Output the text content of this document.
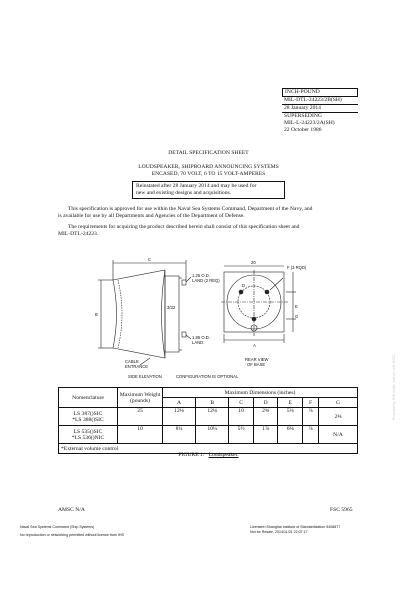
INCH-POUND
MIL-DTL-24223/2B(SH)
28 January 2014
SUPERSEDING
MIL-L-24223/2A(SH)
22 October 1986
DETAIL SPECIFICATION SHEET
LOUDSPEAKER, SHIPBOARD ANNOUNCING SYSTEMS
ENCASED, 70 VOLT, 6 TO 15 VOLT-AMPERES
Reinstated after 28 January 2014 and may be used for
new and existing designs and acquisitions.
This specification is approved for use within the Naval Sea Systems Command, Department of the Navy, and
is available for use by all Departments and Agencies of the Department of Defense.
The requirements for acquiring the product described herein shall consist of this specification sheet and
MIL-DTL-24223.
C
B
1.25 O.D.
LAND (2 REQ)
3/32
1.85 O.D.
LAND
CABLE
ENTRANCE
SIDE ELEVATION
20
F (3 RQD)
D
E
G
A
REAR VIEW
OF BASE
CONFIGURATION IS OPTIONAL
Nomenclature	Maximum Weight
(pounds)	Maximum Dimensions (inches)						
		A	B	C	D	E	F	G

LS 387()SIC
*LS 388()SIC	25	12⅛	12⅛	10	2⅝	5⅛	⅞	2⅝

LS 535()SIC
*LS 536()NIC	10	8¼	10¼	5½	1⅞	6⅜	⅞	N/A
*External volume control								
FIGURE 1. Loudspeaker.
AMSC N/A	FSC 5965
Naval Sea Systems Command (Ship Systems)
No reproduction or networking permitted without license from IHS
Licensee=Shanghai Institute of Standardization 5408877
Not for Resale, 2014/11/21 22:07:17
Provided by IHS under license with NSSC
